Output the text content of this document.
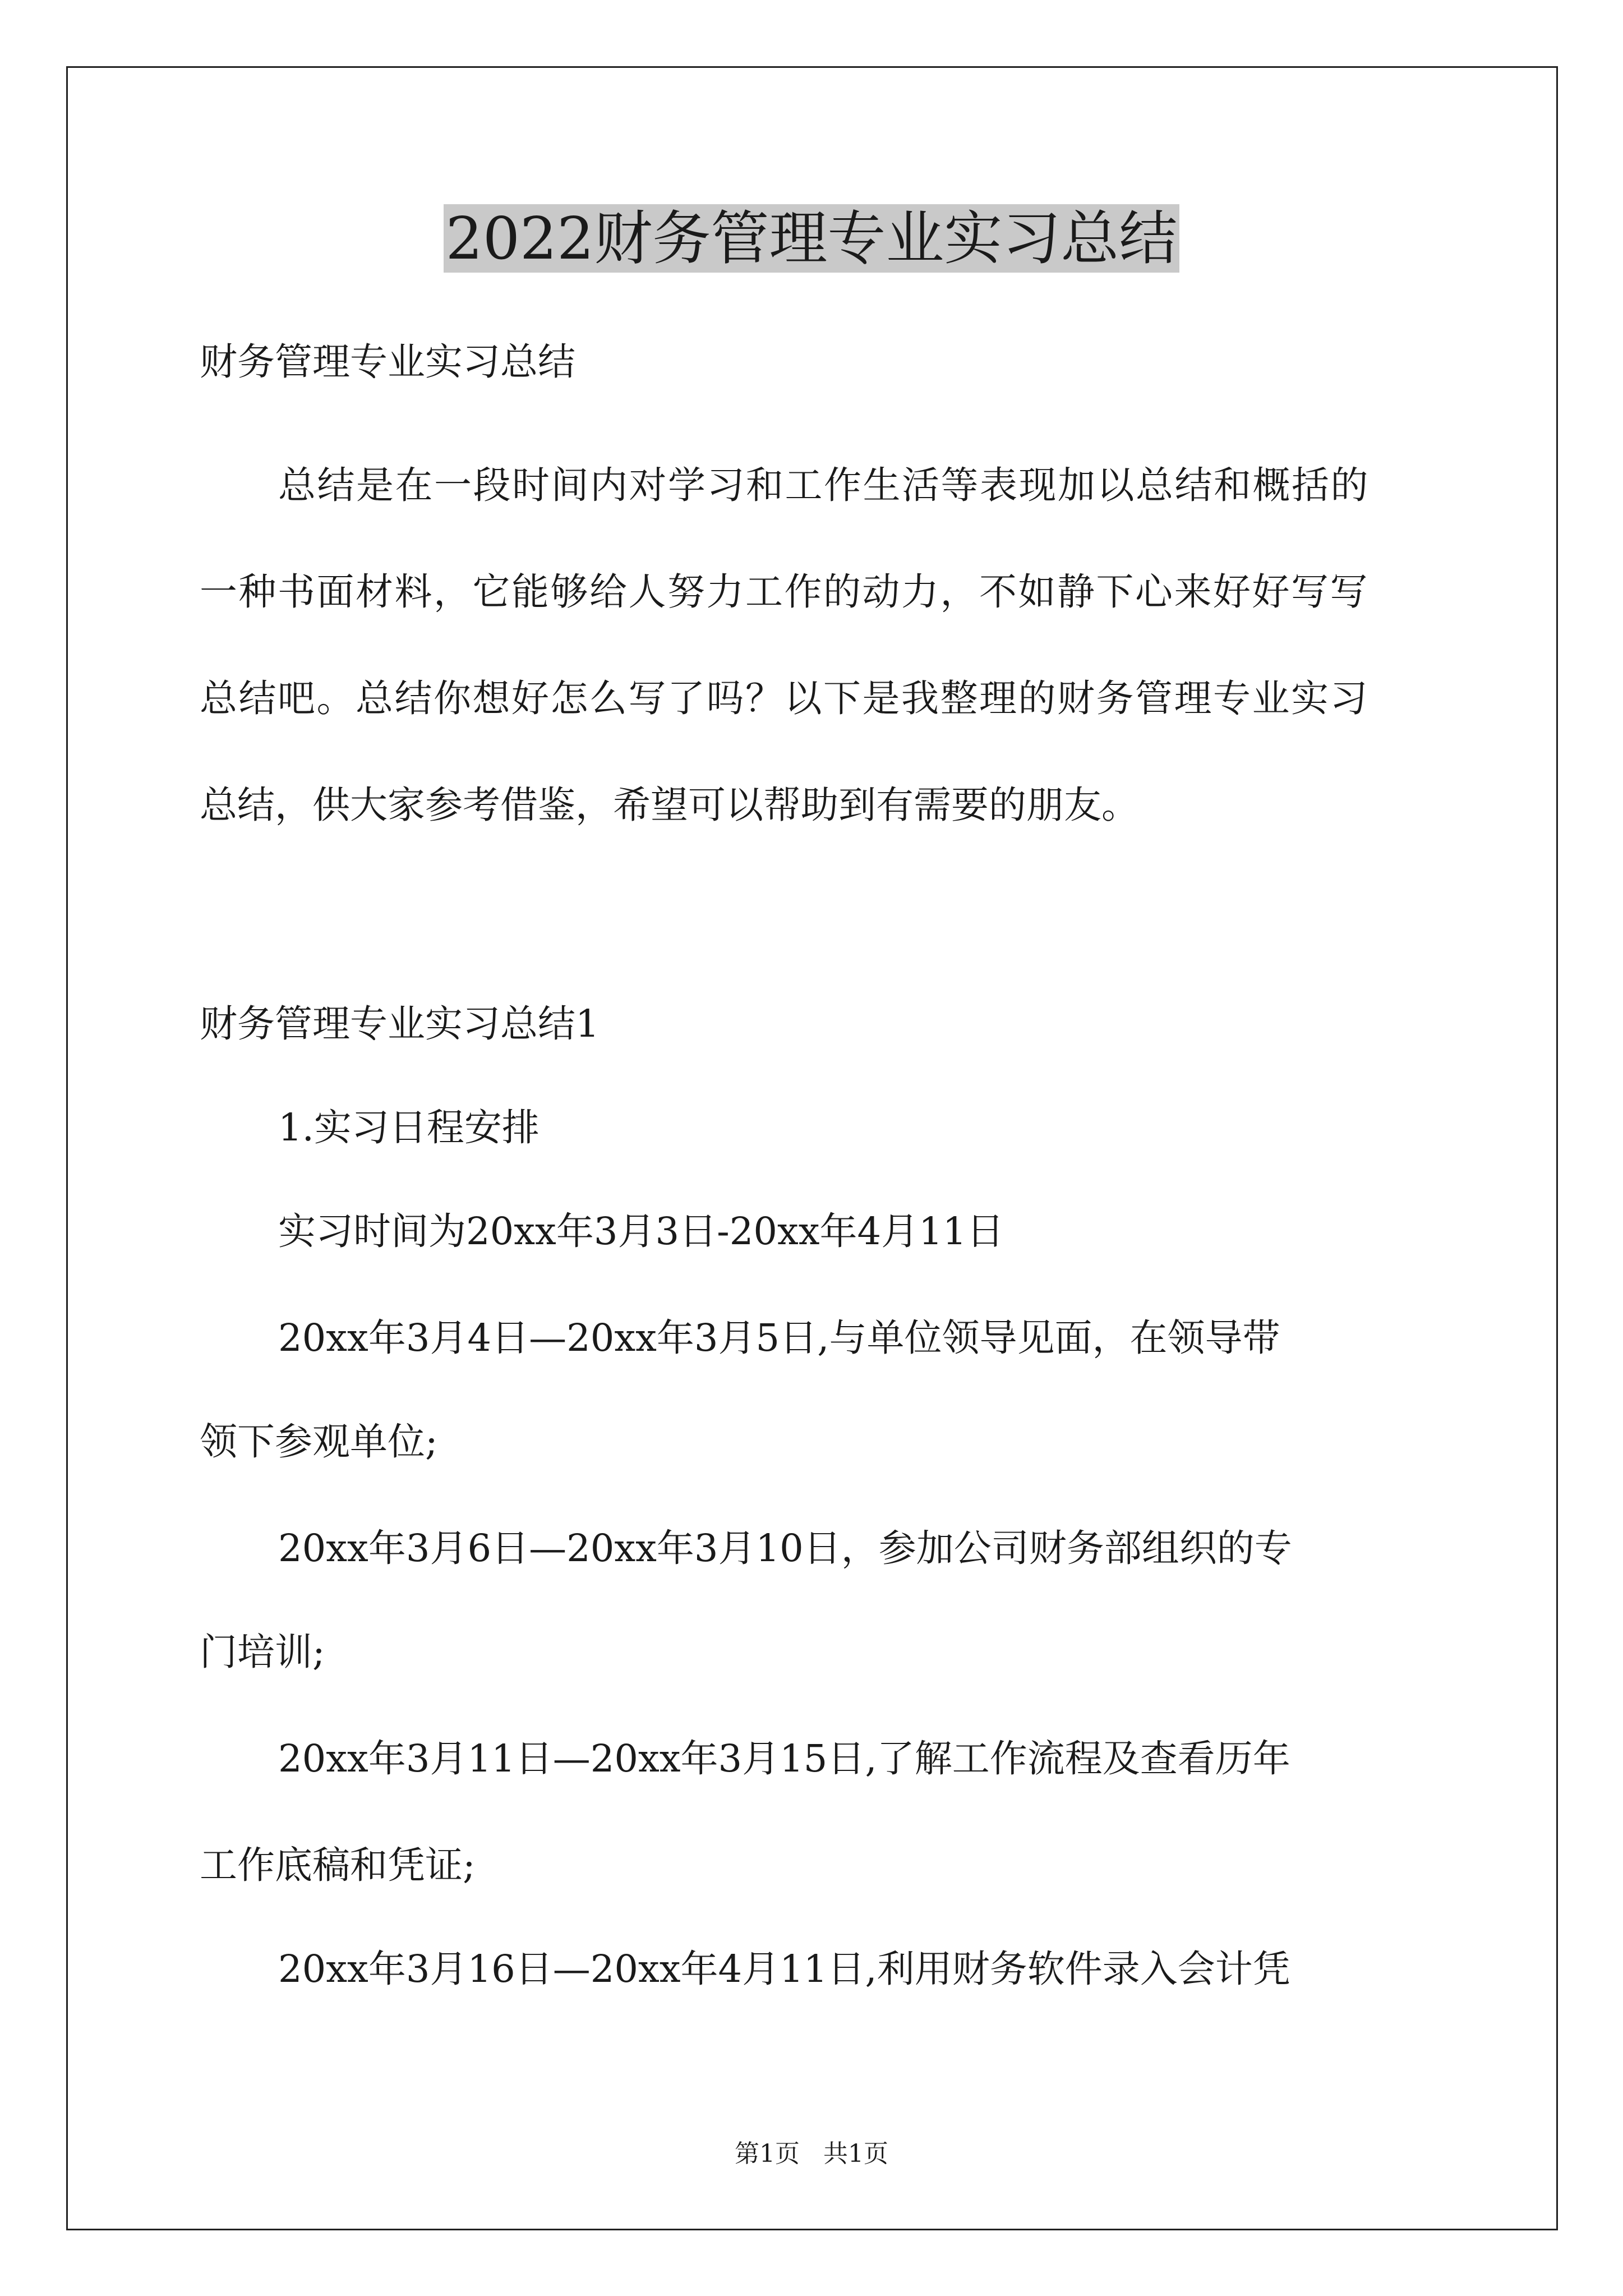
2022财务管理专业实习总结
财务管理专业实习总结
总结是在一段时间内对学习和工作生活等表现加以总结和概括的
一种书面材料，它能够给人努力工作的动力，不如静下心来好好写写
总结吧。总结你想好怎么写了吗？以下是我整理的财务管理专业实习
总结，供大家参考借鉴，希望可以帮助到有需要的朋友。
财务管理专业实习总结1
1.实习日程安排
实习时间为20xx年3月3日-20xx年4月11日
20xx年3月4日—20xx年3月5日,与单位领导见面，在领导带
领下参观单位;
20xx年3月6日—20xx年3月10日，参加公司财务部组织的专
门培训;
20xx年3月11日—20xx年3月15日,了解工作流程及查看历年
工作底稿和凭证;
20xx年3月16日—20xx年4月11日,利用财务软件录入会计凭
第1页   共1页
